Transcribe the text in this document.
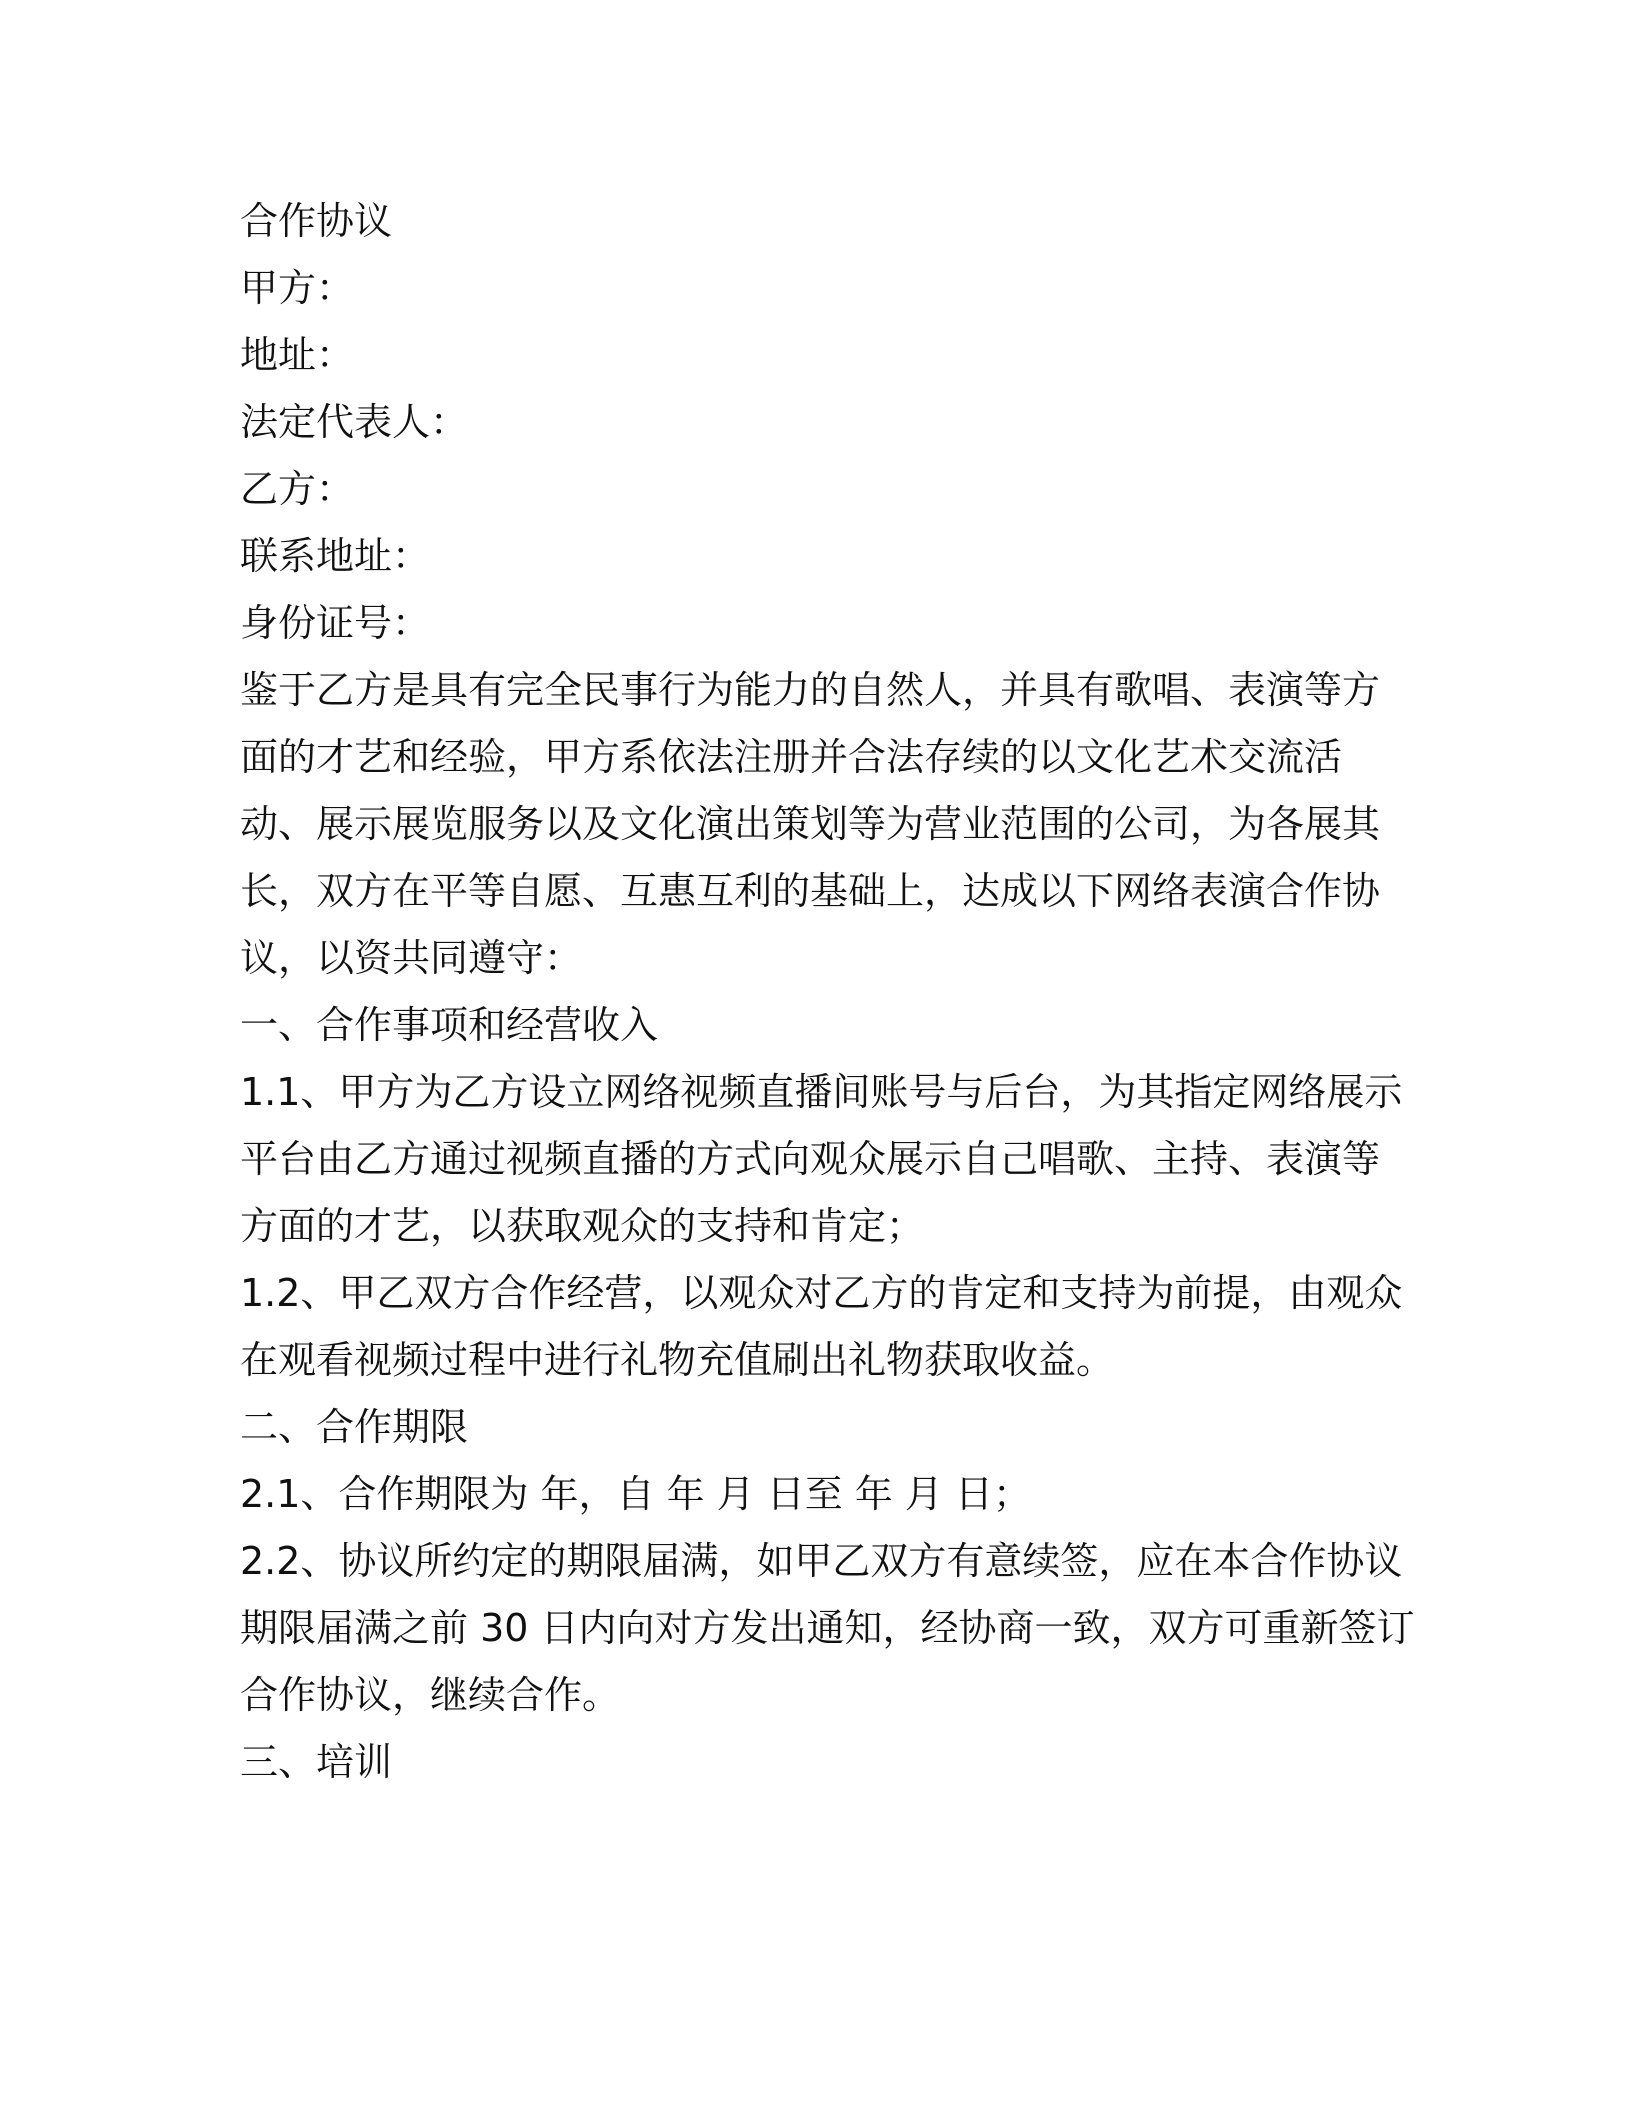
合作协议

甲方：

地址：

法定代表人：

乙方：

联系地址：

身份证号：

鉴于乙方是具有完全民事行为能力的自然人，并具有歌唱、表演等方

面的才艺和经验，甲方系依法注册并合法存续的以文化艺术交流活

动、展示展览服务以及文化演出策划等为营业范围的公司，为各展其

长，双方在平等自愿、互惠互利的基础上，达成以下网络表演合作协

议，以资共同遵守：

一、合作事项和经营收入

1.1、甲方为乙方设立网络视频直播间账号与后台，为其指定网络展示

平台由乙方通过视频直播的方式向观众展示自己唱歌、主持、表演等

方面的才艺，以获取观众的支持和肯定；

1.2、甲乙双方合作经营，以观众对乙方的肯定和支持为前提，由观众

在观看视频过程中进行礼物充值刷出礼物获取收益。

二、合作期限

2.1、合作期限为 年，自 年 月 日至 年 月 日；

2.2、协议所约定的期限届满，如甲乙双方有意续签，应在本合作协议

期限届满之前 30 日内向对方发出通知，经协商一致，双方可重新签订

合作协议，继续合作。

三、培训
